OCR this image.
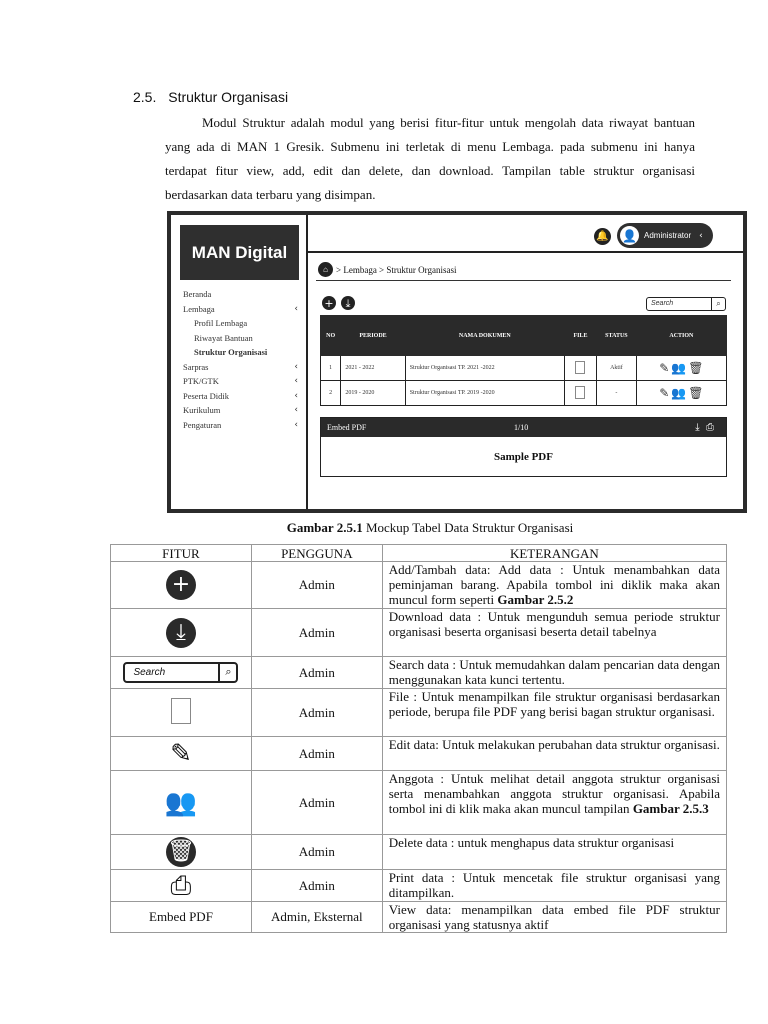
2.5. Struktur Organisasi

Modul Struktur adalah modul yang berisi fitur-fitur untuk mengolah data riwayat bantuan yang ada di MAN 1 Gresik. Submenu ini terletak di menu Lembaga. pada submenu ini hanya terdapat fitur view, add, edit dan delete, dan download. Tampilan table struktur organisasi berdasarkan data terbaru yang disimpan.

MAN Digital
Beranda
Lembaga	‹
Profil Lembaga
Riwayat Bantuan
Struktur Organisasi
Sarpras	‹
PTK/GTK	‹
Peserta Didik	‹
Kurikulum	‹
Pengaturan	‹
🔔 👤 Administrator ‹
⌂ > Lembaga > Struktur Organisasi
+	⤓	Search	⌕
NO	PERIODE	NAMA DOKUMEN	FILE	STATUS	ACTION
1	2021 - 2022	Struktur Organisasi TP. 2021 -2022		Aktif	✎ 👥 🗑

2	2019 - 2020	Struktur Organisasi TP. 2019 -2020		-	✎ 👥 🗑
Embed PDF	1/10	⤓ ⎙
Sample PDF
Gambar 2.5.1 Mockup Tabel Data Struktur Organisasi
FITUR	PENGGUNA	KETERANGAN
+	Admin	Add/Tambah data: Add data : Untuk menambahkan data peminjaman barang. Apabila tombol ini diklik maka akan muncul form seperti Gambar 2.5.2
⤓	Admin	Download data : Untuk mengunduh semua periode struktur organisasi beserta organisasi beserta detail tabelnya
Search ⌕	Admin	Search data : Untuk memudahkan dalam pencarian data dengan menggunakan kata kunci tertentu.
	Admin	File : Untuk menampilkan file struktur organisasi berdasarkan periode, berupa file PDF yang berisi bagan struktur organisasi.
✎	Admin	Edit data: Untuk melakukan perubahan data struktur organisasi.
👥	Admin	Anggota : Untuk melihat detail anggota struktur organisasi serta menambahkan anggota struktur organisasi. Apabila tombol ini di klik maka akan muncul tampilan Gambar 2.5.3
🗑	Admin	Delete data : untuk menghapus data struktur organisasi
⎙	Admin	Print data : Untuk mencetak file struktur organisasi yang ditampilkan.
Embed PDF	Admin, Eksternal	View data: menampilkan data embed file PDF struktur organisasi yang statusnya aktif
